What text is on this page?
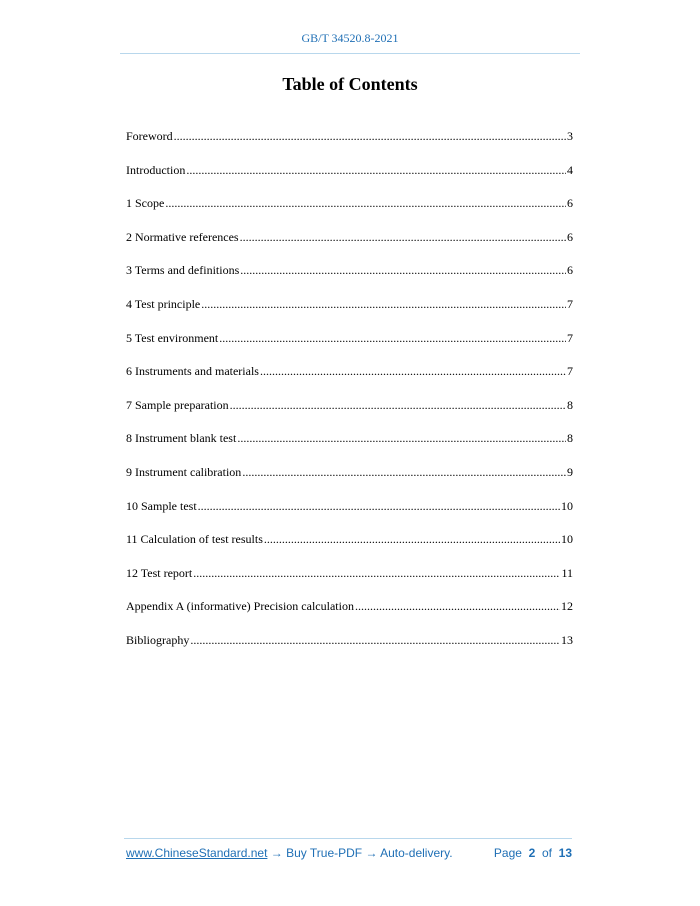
GB/T 34520.8-2021
Table of Contents
Foreword .....	3
Introduction .....	4
1 Scope .....	6
2 Normative references .....	6
3 Terms and definitions .....	6
4 Test principle .....	7
5 Test environment .....	7
6 Instruments and materials .....	7
7 Sample preparation .....	8
8 Instrument blank test .....	8
9 Instrument calibration .....	9
10 Sample test .....	10
11 Calculation of test results .....	10
12 Test report .....	11
Appendix A (informative) Precision calculation .....	12
Bibliography .....	13
www.ChineseStandard.net → Buy True-PDF → Auto-delivery.	Page 2 of 13
